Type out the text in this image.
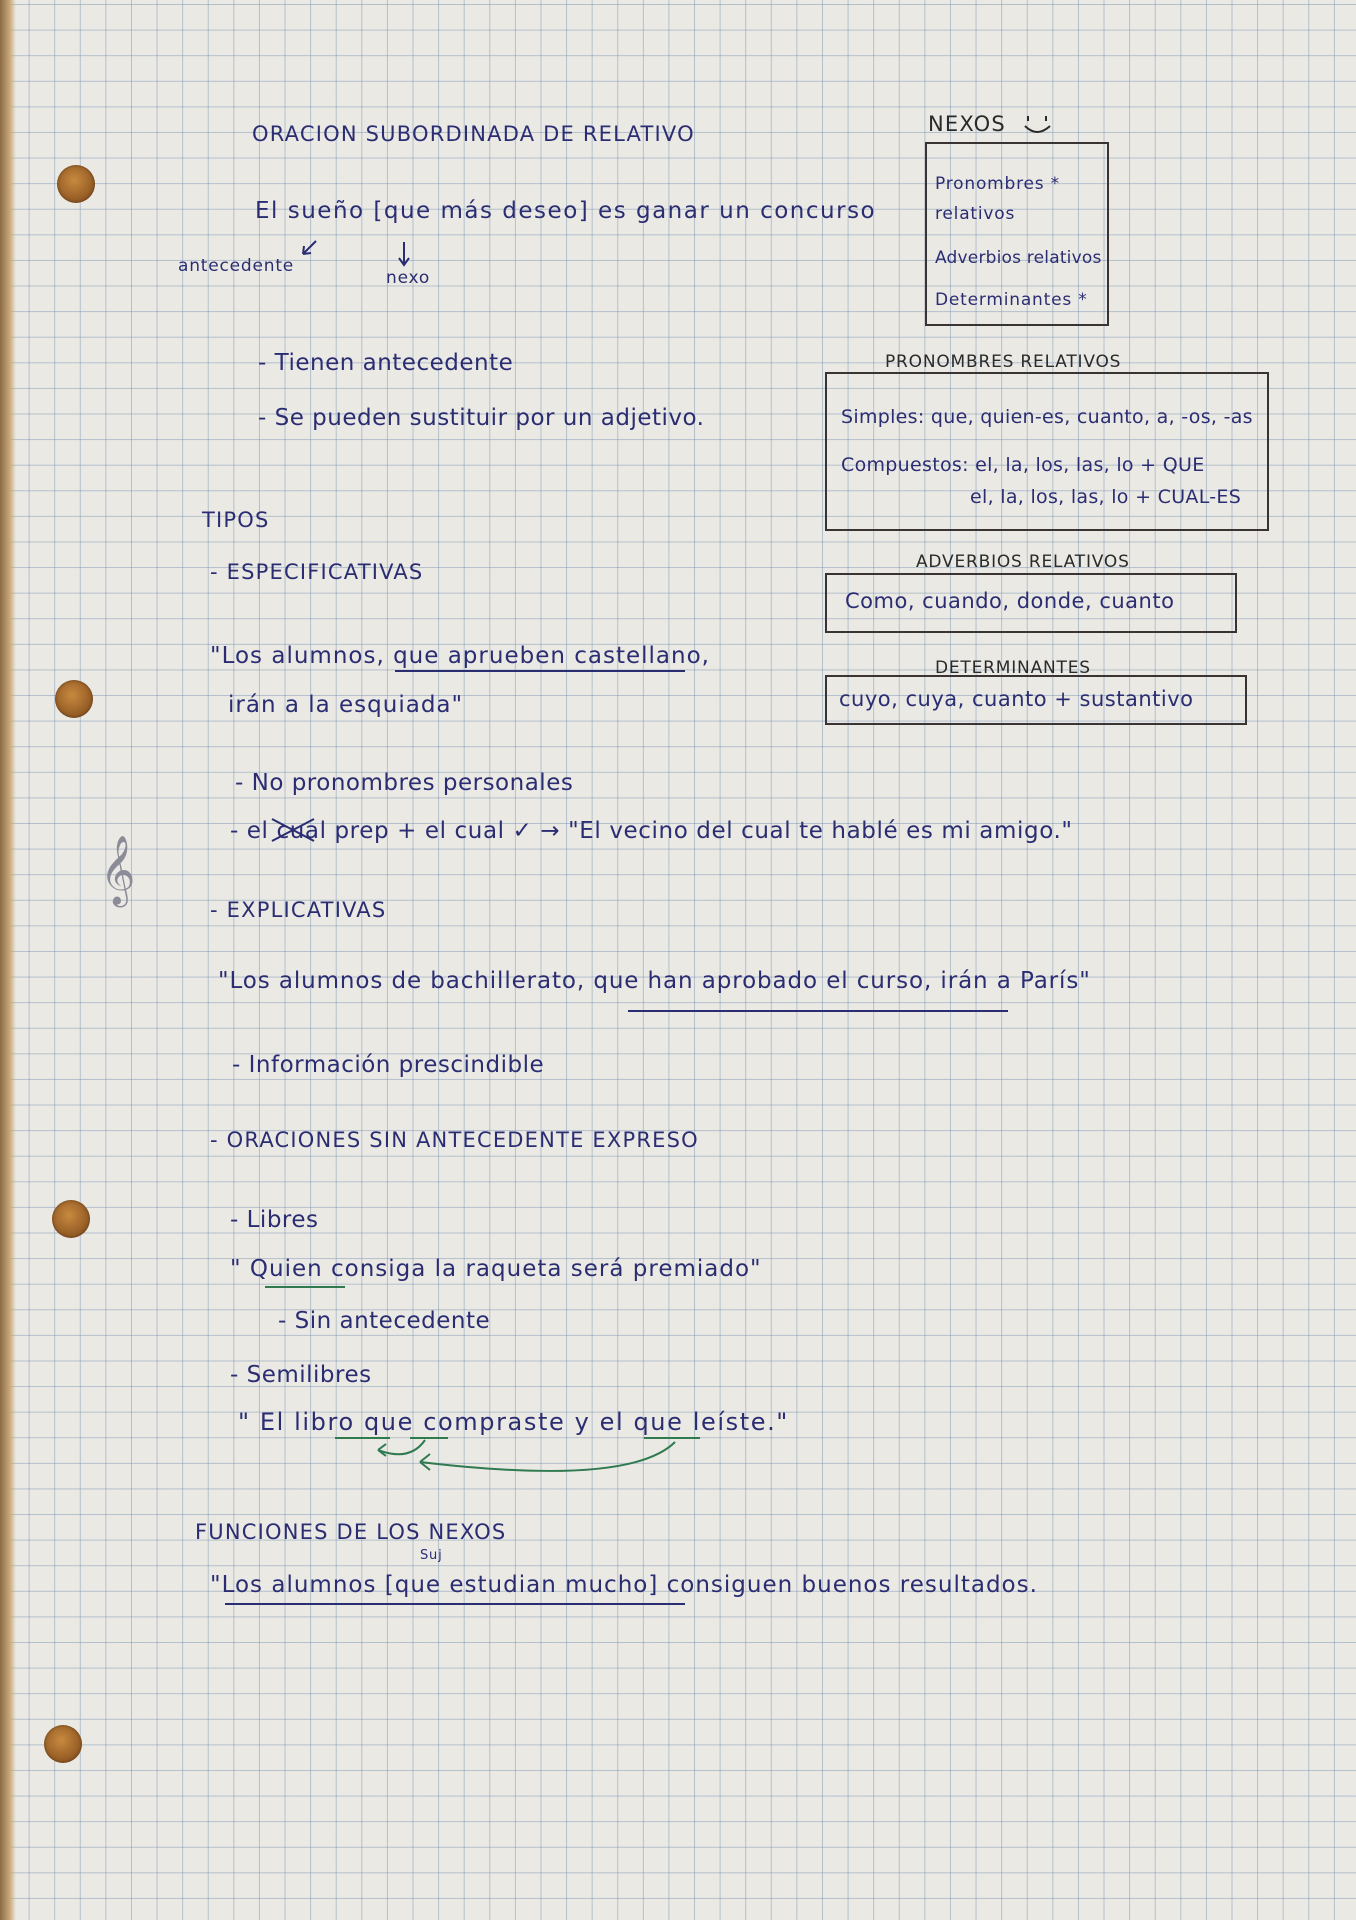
ORACION SUBORDINADA DE RELATIVO
El sueño [que más deseo] es ganar un concurso
antecedente
nexo
- Tienen antecedente
- Se pueden sustituir por un adjetivo.
NEXOS
Pronombres *
relativos
Adverbios relativos
Determinantes *
PRONOMBRES RELATIVOS
Simples: que, quien-es, cuanto, a, -os, -as
Compuestos: el, la, los, las, lo + QUE
el, la, los, las, lo + CUAL-ES
ADVERBIOS RELATIVOS
Como, cuando, donde, cuanto
DETERMINANTES
cuyo, cuya, cuanto + sustantivo
TIPOS
- ESPECIFICATIVAS
"Los alumnos, que aprueben castellano,
irán a la esquiada"
- No pronombres personales
- el cual prep + el cual ✓ → "El vecino del cual te hablé es mi amigo."
𝄞
- EXPLICATIVAS
"Los alumnos de bachillerato, que han aprobado el curso, irán a París"
- Información prescindible
- ORACIONES SIN ANTECEDENTE EXPRESO
- Libres
" Quien consiga la raqueta será premiado"
- Sin antecedente
- Semilibres
" El libro que compraste y el que leíste."
FUNCIONES DE LOS NEXOS
Suj
"Los alumnos [que estudian mucho] consiguen buenos resultados.
